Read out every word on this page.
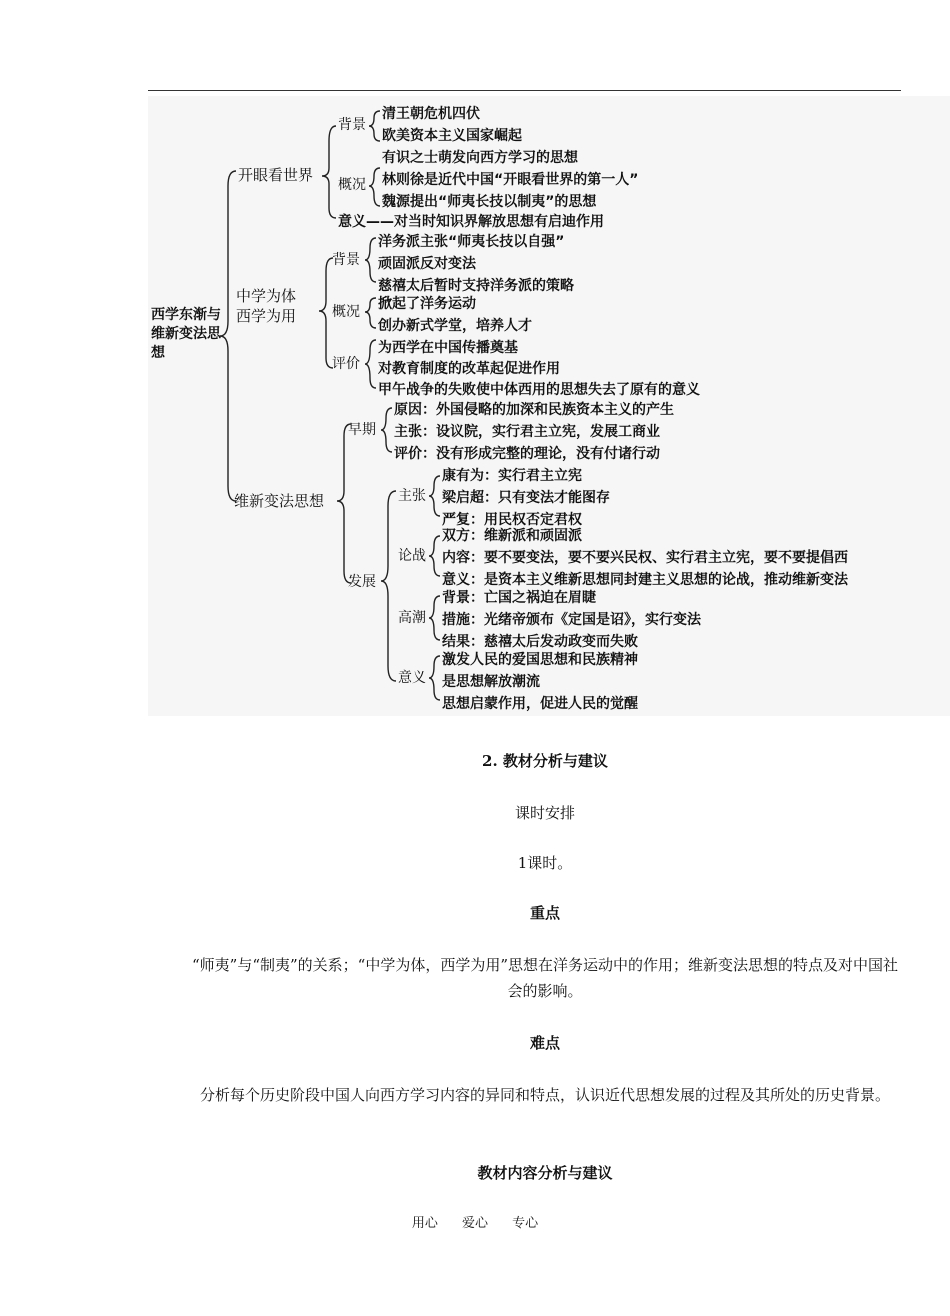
西学东渐与维新变法思想
开眼看世界
背景
清王朝危机四伏
欧美资本主义国家崛起
概况
有识之士萌发向西方学习的思想
林则徐是近代中国“开眼看世界的第一人”
魏源提出“师夷长技以制夷”的思想
意义——对当时知识界解放思想有启迪作用
中学为体
西学为用
背景
洋务派主张“师夷长技以自强”
顽固派反对变法
慈禧太后暂时支持洋务派的策略
概况 掀起了洋务运动
创办新式学堂，培养人才
评价
为西学在中国传播奠基
对教育制度的改革起促进作用
甲午战争的失败使中体西用的思想失去了原有的意义
维新变法思想
早期
原因：外国侵略的加深和民族资本主义的产生
主张：设议院，实行君主立宪，发展工商业
评价：没有形成完整的理论，没有付诸行动
发展
主张
康有为：实行君主立宪
梁启超：只有变法才能图存
严复：用民权否定君权
论战
双方：维新派和顽固派
内容：要不要变法，要不要兴民权、实行君主立宪，要不要提倡西
意义：是资本主义维新思想同封建主义思想的论战，推动维新变法
高潮
背景：亡国之祸迫在眉睫
措施：光绪帝颁布《定国是诏》，实行变法
结果：慈禧太后发动政变而失败
意义
激发人民的爱国思想和民族精神
是思想解放潮流
思想启蒙作用，促进人民的觉醒
2. 教材分析与建议
课时安排
1课时。
重点
“师夷”与“制夷”的关系；“中学为体，西学为用”思想在洋务运动中的作用；维新变法思想的特点及对中国社会的影响。
难点
分析每个历史阶段中国人向西方学习内容的异同和特点，认识近代思想发展的过程及其所处的历史背景。
教材内容分析与建议
用心 爱心 专心
